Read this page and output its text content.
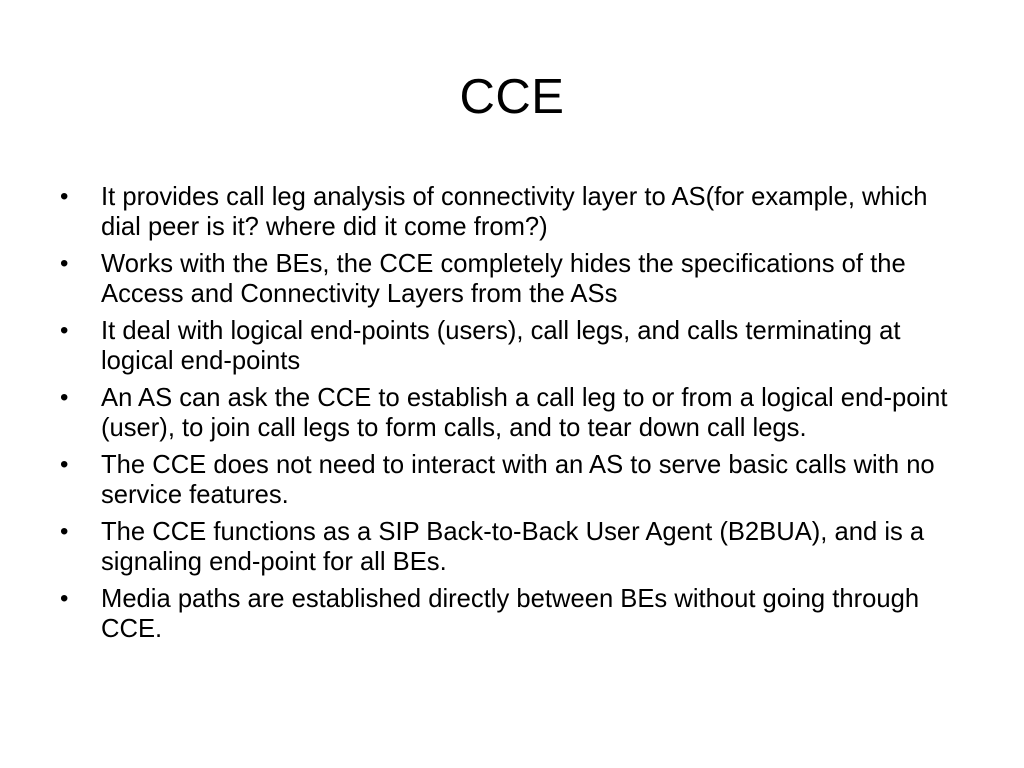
CCE
•	It provides call leg analysis of connectivity layer to AS(for example, which dial peer is it? where did it come from?)
•	Works with the BEs, the CCE completely hides the specifications of the Access and Connectivity Layers from the ASs
•	It deal with logical end-points (users), call legs, and calls terminating at logical end-points
•	An AS can ask the CCE to establish a call leg to or from a logical end-point (user), to join call legs to form calls, and to tear down call legs.
•	The CCE does not need to interact with an AS to serve basic calls with no service features.
•	The CCE functions as a SIP Back-to-Back User Agent (B2BUA), and is a signaling end-point for all BEs.
•	Media paths are established directly between BEs without going through CCE.
